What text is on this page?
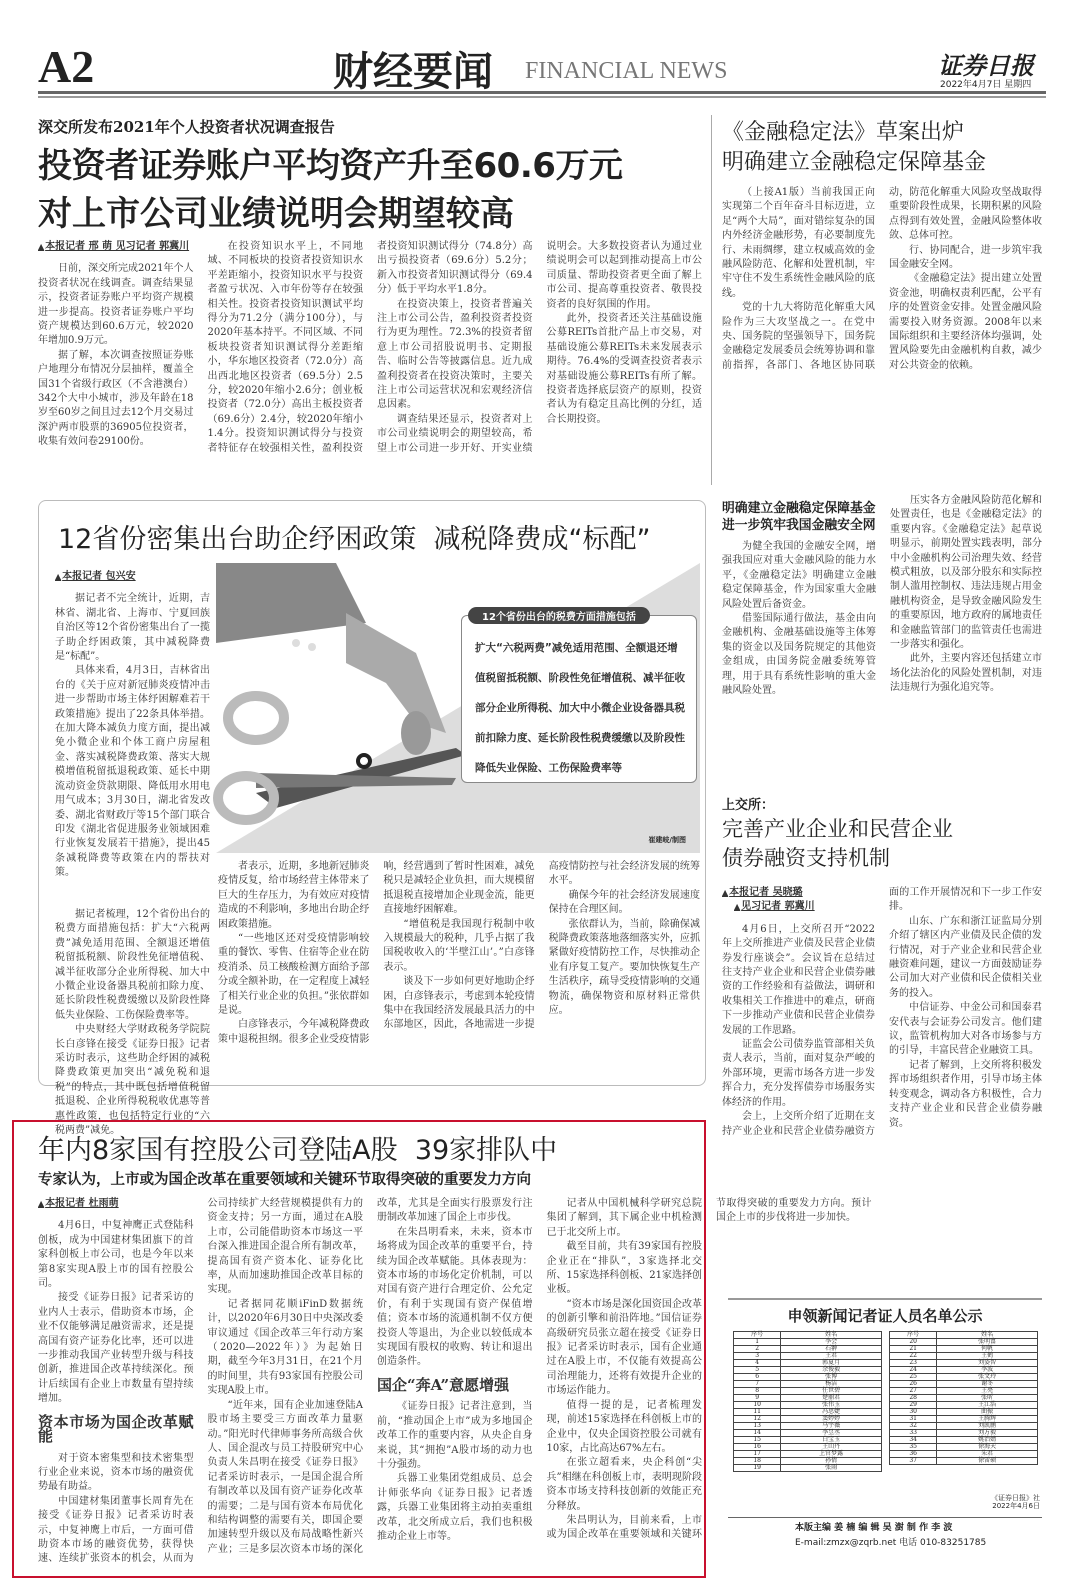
A2	财经要闻 FINANCIAL NEWS	证券日报
2022年4月7日 星期四
深交所发布2021年个人投资者状况调查报告
投资者证券账户平均资产升至60.6万元
对上市公司业绩说明会期望较高
▲ 本报记者 邢 萌 见习记者 郭冀川

日前，深交所完成2021年个人投资者状况在线调查。调查结果显示，投资者证券账户平均资产规模进一步提高。投资者证券账户平均资产规模达到60.6万元，较2020年增加0.9万元。

据了解，本次调查按照证券账户地理分布情况分层抽样，覆盖全国31个省级行政区（不含港澳台）342个大中小城市，涉及年龄在18岁至60岁之间且过去12个月交易过深沪两市股票的36905位投资者，收集有效问卷29100份。

在投资知识水平上，不同地域、不同板块的投资者投资知识水平差距缩小，投资知识水平与投资者盈亏状况、入市年份等存在较强相关性。投资者投资知识测试平均得分为71.2分（满分100分），与2020年基本持平。不同区域、不同板块投资者知识测试得分差距缩小，华东地区投资者（72.0分）高出西北地区投资者（69.5分）2.5分，较2020年缩小2.6分；创业板投资者（72.0分）高出主板投资者（69.6分）2.4分，较2020年缩小1.4分。投资知识测试得分与投资者特征存在较强相关性，盈利投资者投资知识测试得分（74.8分）高出亏损投资者（69.6分）5.2分；新入市投资者知识测试得分（69.4分）低于平均水平1.8分。

在投资决策上，投资者普遍关注上市公司公告，盈利投资者投资行为更为理性。72.3%的投资者留意上市公司招股说明书、定期报告、临时公告等披露信息。近九成盈利投资者在投资决策时，主要关注上市公司运营状况和宏观经济信息因素。

调查结果还显示，投资者对上市公司业绩说明会的期望较高，希望上市公司进一步开好、开实业绩说明会。大多数投资者认为通过业绩说明会可以起到推动提高上市公司质量、帮助投资者更全面了解上市公司、提高尊重投资者、敬畏投资者的良好氛围的作用。

此外，投资者还关注基础设施公募REITs首批产品上市交易，对基础设施公募REITs未来发展表示期待。76.4%的受调查投资者表示对基础设施公募REITs有所了解。投资者选择底层资产的原则，投资者认为有稳定且高比例的分红，适合长期投资。

《金融稳定法》草案出炉
明确建立金融稳定保障基金

（上接A1版）当前我国正向实现第二个百年奋斗目标迈进，立足“两个大局”，面对错综复杂的国内外经济金融形势，有必要制度先行、未雨绸缪，建立权威高效的金融风险防范、化解和处置机制，牢牢守住不发生系统性金融风险的底线。

党的十九大将防范化解重大风险作为三大攻坚战之一。在党中央、国务院的坚强领导下，国务院金融稳定发展委员会统筹协调和靠前指挥，各部门、各地区协同联动，防范化解重大风险攻坚战取得重要阶段性成果，长期积累的风险点得到有效处置，金融风险整体收敛、总体可控。

行、协同配合，进一步筑牢我国金融安全网。

《金融稳定法》提出建立处置资金池，明确权责利匹配，公平有序的处置资金安排。处置金融风险需要投入财务资源。2008年以来国际组织和主要经济体均强调，处置风险要先由金融机构自救，减少对公共资金的依赖。

明确建立金融稳定保障基金
进一步筑牢我国金融安全网

为健全我国的金融安全网，增强我国应对重大金融风险的能力水平，《金融稳定法》明确建立金融稳定保障基金，作为国家重大金融风险处置后备资金。

借鉴国际通行做法，基金由向金融机构、金融基础设施等主体筹集的资金以及国务院规定的其他资金组成，由国务院金融委统筹管理，用于具有系统性影响的重大金融风险处置。

压实各方金融风险防范化解和处置责任，也是《金融稳定法》的重要内容。《金融稳定法》起草说明显示，前期处置实践表明，部分中小金融机构公司治理失效、经营模式粗放，以及部分股东和实际控制人滥用控制权、违法违规占用金融机构资金，是导致金融风险发生的重要原因，地方政府的属地责任和金融监管部门的监管责任也需进一步落实和强化。

此外，主要内容还包括建立市场化法治化的风险处置机制，对违法违规行为强化追究等。

上交所：
完善产业企业和民营企业
债券融资支持机制
▲ 本报记者 吴晓璐
▲ 见习记者 郭冀川

4月6日，上交所召开“2022年上交所推进产业债及民营企业债券发行座谈会”。会议旨在总结过往支持产业企业和民营企业债券融资的工作经验和有益做法，调研和收集相关工作推进中的难点，研商下一步推动产业债和民营企业债券发展的工作思路。

证监会公司债券监管部相关负责人表示，当前，面对复杂严峻的外部环境，更需市场各方进一步发挥合力，充分发挥债券市场服务实体经济的作用。

会上，上交所介绍了近期在支持产业企业和民营企业债券融资方面的工作开展情况和下一步工作安排。

山东、广东和浙江证监局分别介绍了辖区内产业债及民企债的发行情况，对于产业企业和民营企业融资难问题，建议一方面鼓励证券公司加大对产业债和民企债相关业务的投入。

中信证券、中金公司和国泰君安代表与会证券公司发言。他们建议，监管机构加大对各市场参与方的引导，丰富民营企业融资工具。

记者了解到，上交所将积极发挥市场组织者作用，引导市场主体转变观念，调动各方积极性，合力支持产业企业和民营企业债券融资。

12省份密集出台助企纾困政策  减税降费成“标配”
▲ 本报记者 包兴安

据记者不完全统计，近期，吉林省、湖北省、上海市、宁夏回族自治区等12个省份密集出台了一揽子助企纾困政策，其中减税降费是“标配”。

具体来看，4月3日，吉林省出台的《关于应对新冠肺炎疫情冲击进一步帮助市场主体纾困解难若干政策措施》提出了22条具体举措。在加大降本减负力度方面，提出减免小微企业和个体工商户房屋租金、落实减税降费政策、落实大规模增值税留抵退税政策、延长中期流动资金贷款期限、降低用水用电用气成本；3月30日，湖北省发改委、湖北省财政厅等15个部门联合印发《湖北省促进服务业领域困难行业恢复发展若干措施》，提出45条减税降费等政策在内的帮扶对策。

12个省份出台的税费方面措施包括
扩大“六税两费”减免适用范围、全额退还增
值税留抵税额、阶段性免征增值税、减半征收
部分企业所得税、加大中小微企业设备器具税
前扣除力度、延长阶段性税费缓缴以及阶段性
降低失业保险、工伤保险费率等
崔建岐/制图

据记者梳理，12个省份出台的税费方面措施包括：扩大“六税两费”减免适用范围、全额退还增值税留抵税额、阶段性免征增值税、减半征收部分企业所得税、加大中小微企业设备器具税前扣除力度、延长阶段性税费缓缴以及阶段性降低失业保险、工伤保险费率等。

中央财经大学财政税务学院院长白彦锋在接受《证券日报》记者采访时表示，这些助企纾困的减税降费政策更加突出“减免税和退税”的特点，其中既包括增值税留抵退税、企业所得税税收优惠等普惠性政策，也包括特定行业的“六税两费”减免。

者表示，近期，多地新冠肺炎疫情反复，给市场经营主体带来了巨大的生存压力，为有效应对疫情造成的不利影响，多地出台助企纾困政策措施。

“一些地区还对受疫情影响较重的餐饮、零售、住宿等企业在防疫消杀、员工核酸检测方面给予部分或全额补助，在一定程度上减轻了相关行业企业的负担。”张依群如是说。

白彦锋表示，今年减税降费政策中退税担纲。很多企业受疫情影响，经营遇到了暂时性困难，减免税只是减轻企业负担，而大规模留抵退税直接增加企业现金流，能更直接地纾困解难。

“增值税是我国现行税制中收入规模最大的税种，几乎占据了我国税收收入的‘半壁江山’。”白彦锋表示。

谈及下一步如何更好地助企纾困，白彦锋表示，考虑到本轮疫情集中在我国经济发展最具活力的中东部地区，因此，各地需进一步提高疫情防控与社会经济发展的统筹水平。

确保今年的社会经济发展速度保持在合理区间。

张依群认为，当前，除确保减税降费政策落地落细落实外，应抓紧做好疫情防控工作，尽快推动企业有序复工复产。要加快恢复生产生活秩序，疏导受疫情影响的交通物流，确保物资和原材料正常供应。

年内8家国有控股公司登陆A股  39家排队中
专家认为，上市或为国企改革在重要领域和关键环节取得突破的重要发力方向
▲ 本报记者 杜雨萌

4月6日，中复神鹰正式登陆科创板，成为中国建材集团旗下的首家科创板上市公司，也是今年以来第8家实现A股上市的国有控股公司。

接受《证券日报》记者采访的业内人士表示，借助资本市场，企业不仅能够满足融资需求，还是提高国有资产证券化比率，还可以进一步推动我国产业转型升级与科技创新，推进国企改革持续深化。预计后续国有企业上市数量有望持续增加。

资本市场为国企改革赋能

对于资本密集型和技术密集型行业企业来说，资本市场的融资优势最有助益。

中国建材集团董事长周育先在接受《证券日报》记者采访时表示，中复神鹰上市后，一方面可借助资本市场的融资优势，获得快速、连续扩张资本的机会，从而为公司持续扩大经营规模提供有力的资金支持；另一方面，通过在A股上市，公司能借助资本市场这一平台深入推进国企混合所有制改革，提高国有资产资本化、证券化比率，从而加速助推国企改革目标的实现。

记者据同花顺iFinD数据统计，以2020年6月30日中央深改委审议通过《国企改革三年行动方案（2020—2022年）》为起始日期，截至今年3月31日，在21个月的时间里，共有93家国有控股公司实现A股上市。

“近年来，国有企业加速登陆A股市场主要受三方面改革力量驱动。”阳光时代律师事务所高级合伙人、国企混改与员工持股研究中心负责人朱昌明在接受《证券日报》记者采访时表示，一是国企混合所有制改革以及国有资产证券化改革的需要；二是与国有资本布局优化和结构调整的需要有关，即国企要加速转型升级以及布局战略性新兴产业；三是多层次资本市场的深化改革，尤其是全面实行股票发行注册制改革加速了国企上市步伐。

在朱昌明看来，未来，资本市场将成为国企改革的重要平台，持续为国企改革赋能。具体表现为：资本市场的市场化定价机制，可以对国有资产进行合理定价、公允定价，有利于实现国有资产保值增值；资本市场的流通机制不仅方便投资人等退出，为企业以较低成本实现国有股权的收购、转让和退出创造条件。

国企“奔A”意愿增强

《证券日报》记者注意到，当前，“推动国企上市”成为多地国企改革工作的重要内容，从央企自身来说，其“拥抱”A股市场的动力也十分强劲。

兵器工业集团党组成员、总会计师张华向《证券日报》记者透露，兵器工业集团将主动拍卖重组改革，北交所成立后，我们也积极推动企业上市等。

记者从中国机械科学研究总院集团了解到，其下属企业中机检测已于北交所上市。

截至目前，共有39家国有控股企业正在“排队”，3家选择北交所、15家选择科创板、21家选择创业板。

“资本市场是深化国资国企改革的创新引擎和前沿阵地。”国信证券高级研究员张立超在接受《证券日报》记者采访时表示，国有企业通过在A股上市，不仅能有效提高公司治理能力，还将有效提升企业的市场运作能力。

值得一提的是，记者梳理发现，前述15家选择在科创板上市的企业中，仅央企国资控股公司就有10家，占比高达67%左右。

在张立超看来，央企科创“尖兵”相继在科创板上市，表明现阶段资本市场支持科技创新的效能正充分释放。

朱昌明认为，目前来看，上市或为国企改革在重要领域和关键环节取得突破的重要发力方向。预计国企上市的步伐将进一步加快。

申领新闻记者证人员名单公示
序号	姓名
1	李会
2	石翀
3	王君
4	郭夏月
5	余俊毅
6	张博
7	杨洁
8	任世碧
9	楚丽君
10	张伟玉
11	冯思婕
12	窦婷婷
13	马宇薇
14	李昱丞
15	白宝玉
16	王山丹
17	上官梦露
18	孙倩
19	张雨
序号	姓名
20	张明富
21	何帆
22	王鹤
23	刘姿智
24	李波
25	张文玲
26	谢冬
27	王亮
28	张昕
29	王江浩
30	曲振
31	王腾辉
32	刘凯鹏
33	刘方毅
34	姚治婧
35	徐海天
36	朱君
37	徐雷硕
《证券日报》社
2022年4月6日
本版主编 姜 楠 编 辑 吴 澍 制 作 李 波
E-mail:zmzx@zqrb.net 电话 010-83251785
